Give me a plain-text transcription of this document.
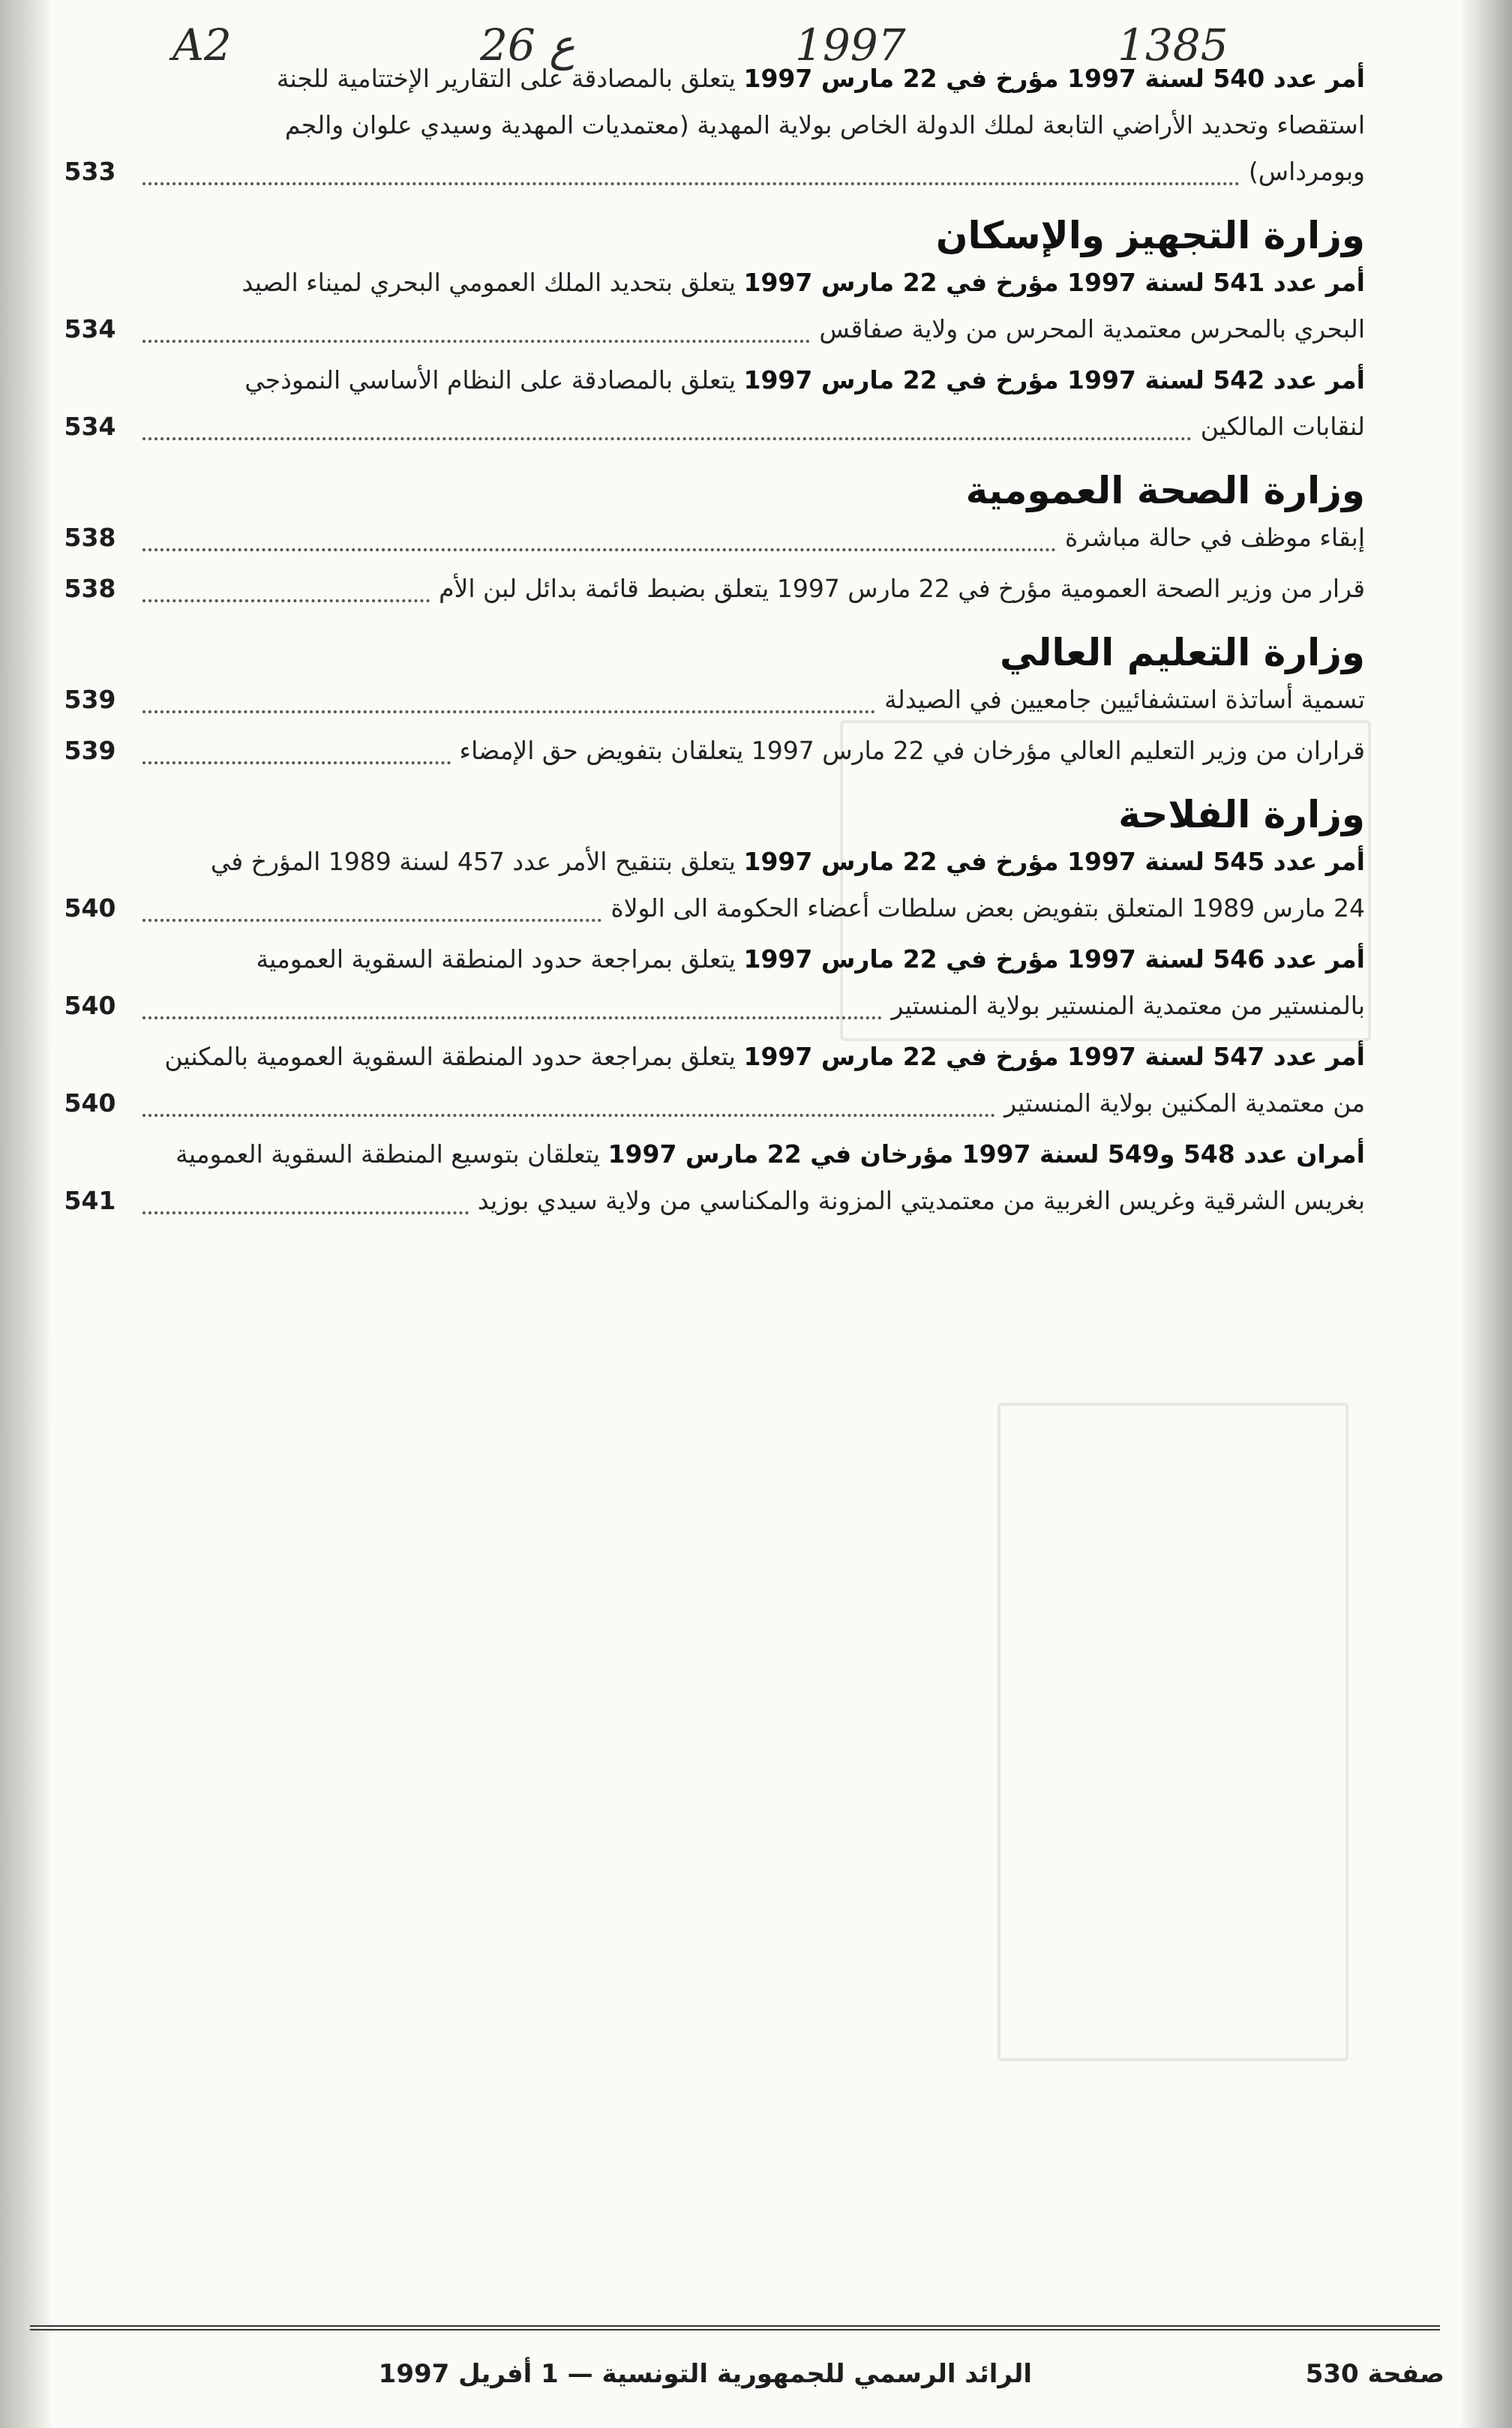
A2	26 ع	1997	1385
أمر عدد 540 لسنة 1997 مؤرخ في 22 مارس 1997 يتعلق بالمصادقة على التقارير الإختتامية للجنة
استقصاء وتحديد الأراضي التابعة لملك الدولة الخاص بولاية المهدية (معتمديات المهدية وسيدي علوان والجم
وبومرداس)
533
وزارة التجهيز والإسكان
أمر عدد 541 لسنة 1997 مؤرخ في 22 مارس 1997 يتعلق بتحديد الملك العمومي البحري لميناء الصيد
البحري بالمحرس معتمدية المحرس من ولاية صفاقس
534
أمر عدد 542 لسنة 1997 مؤرخ في 22 مارس 1997 يتعلق بالمصادقة على النظام الأساسي النموذجي
لنقابات المالكين
534
وزارة الصحة العمومية
إبقاء موظف في حالة مباشرة
538
قرار من وزير الصحة العمومية مؤرخ في 22 مارس 1997 يتعلق بضبط قائمة بدائل لبن الأم
538
وزارة التعليم العالي
تسمية أساتذة استشفائيين جامعيين في الصيدلة
539
قراران من وزير التعليم العالي مؤرخان في 22 مارس 1997 يتعلقان بتفويض حق الإمضاء
539
وزارة الفلاحة
أمر عدد 545 لسنة 1997 مؤرخ في 22 مارس 1997 يتعلق بتنقيح الأمر عدد 457 لسنة 1989 المؤرخ في
24 مارس 1989 المتعلق بتفويض بعض سلطات أعضاء الحكومة الى الولاة
540
أمر عدد 546 لسنة 1997 مؤرخ في 22 مارس 1997 يتعلق بمراجعة حدود المنطقة السقوية العمومية
بالمنستير من معتمدية المنستير بولاية المنستير
540
أمر عدد 547 لسنة 1997 مؤرخ في 22 مارس 1997 يتعلق بمراجعة حدود المنطقة السقوية العمومية بالمكنين
من معتمدية المكنين بولاية المنستير
540
أمران عدد 548 و549 لسنة 1997 مؤرخان في 22 مارس 1997 يتعلقان بتوسيع المنطقة السقوية العمومية
بغريس الشرقية وغريس الغربية من معتمديتي المزونة والمكناسي من ولاية سيدي بوزيد
541
صفحة 530
الرائد الرسمي للجمهورية التونسية — 1 أفريل 1997
